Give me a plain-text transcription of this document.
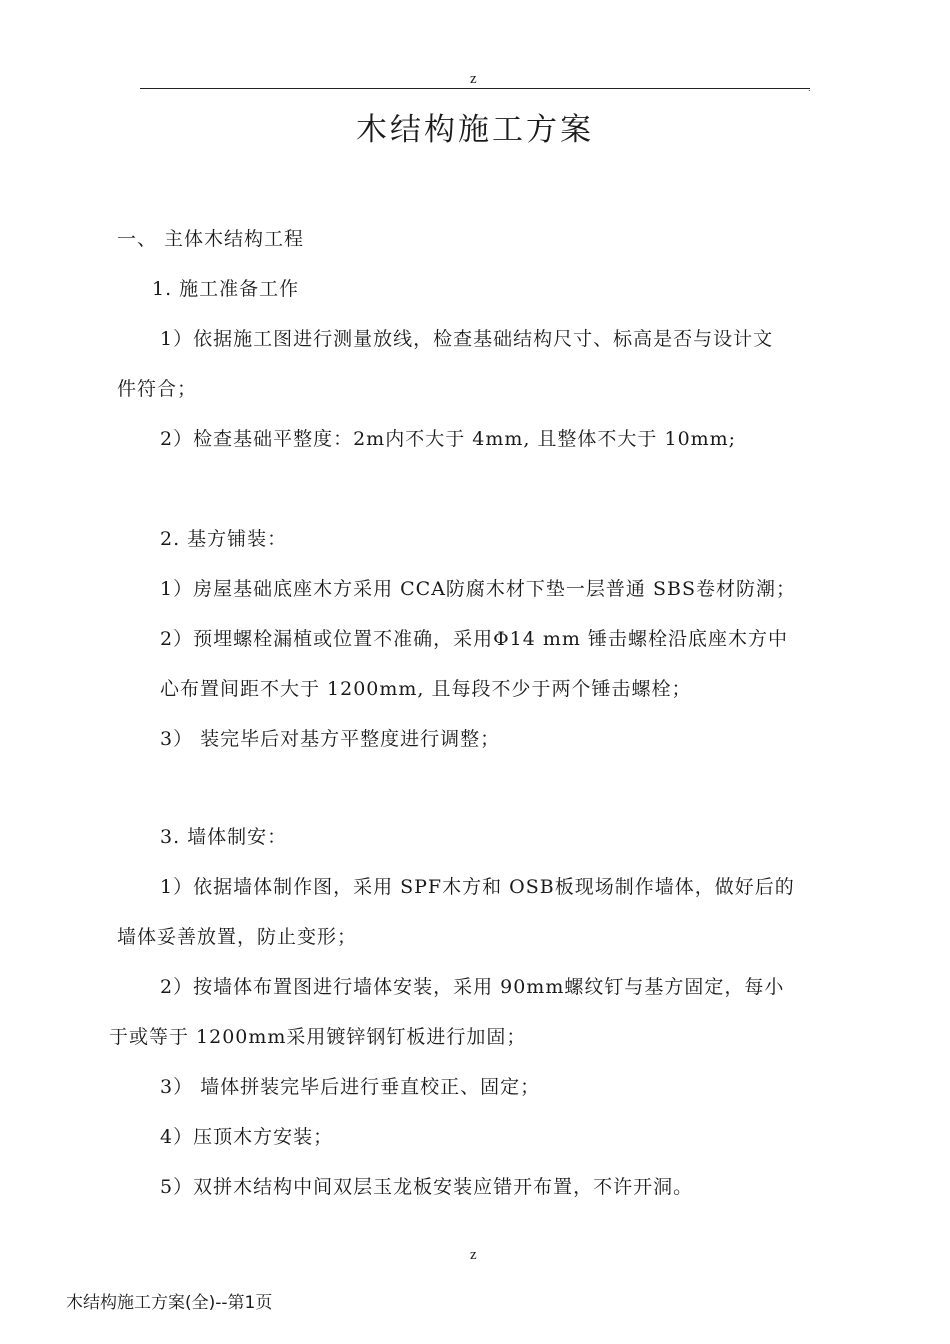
z
.
木结构施工方案
一、 主体木结构工程
1. 施工准备工作
1）依据施工图进行测量放线，检查基础结构尺寸、标高是否与设计文
件符合；
2）检查基础平整度：2m内不大于 4mm, 且整体不大于 10mm;
2. 基方铺装：
1）房屋基础底座木方采用 CCA防腐木材下垫一层普通 SBS卷材防潮；
2）预埋螺栓漏植或位置不准确，采用Φ14 mm 锤击螺栓沿底座木方中
心布置间距不大于 1200mm, 且每段不少于两个锤击螺栓；
3） 装完毕后对基方平整度进行调整；
3. 墙体制安：
1）依据墙体制作图，采用 SPF木方和 OSB板现场制作墙体，做好后的
墙体妥善放置，防止变形；
2）按墙体布置图进行墙体安装，采用 90mm螺纹钉与基方固定，每小
于或等于 1200mm采用镀锌钢钉板进行加固；
3） 墙体拼装完毕后进行垂直校正、固定；
4）压顶木方安装；
5）双拼木结构中间双层玉龙板安装应错开布置，不许开洞。
z
木结构施工方案(全)--第1页
